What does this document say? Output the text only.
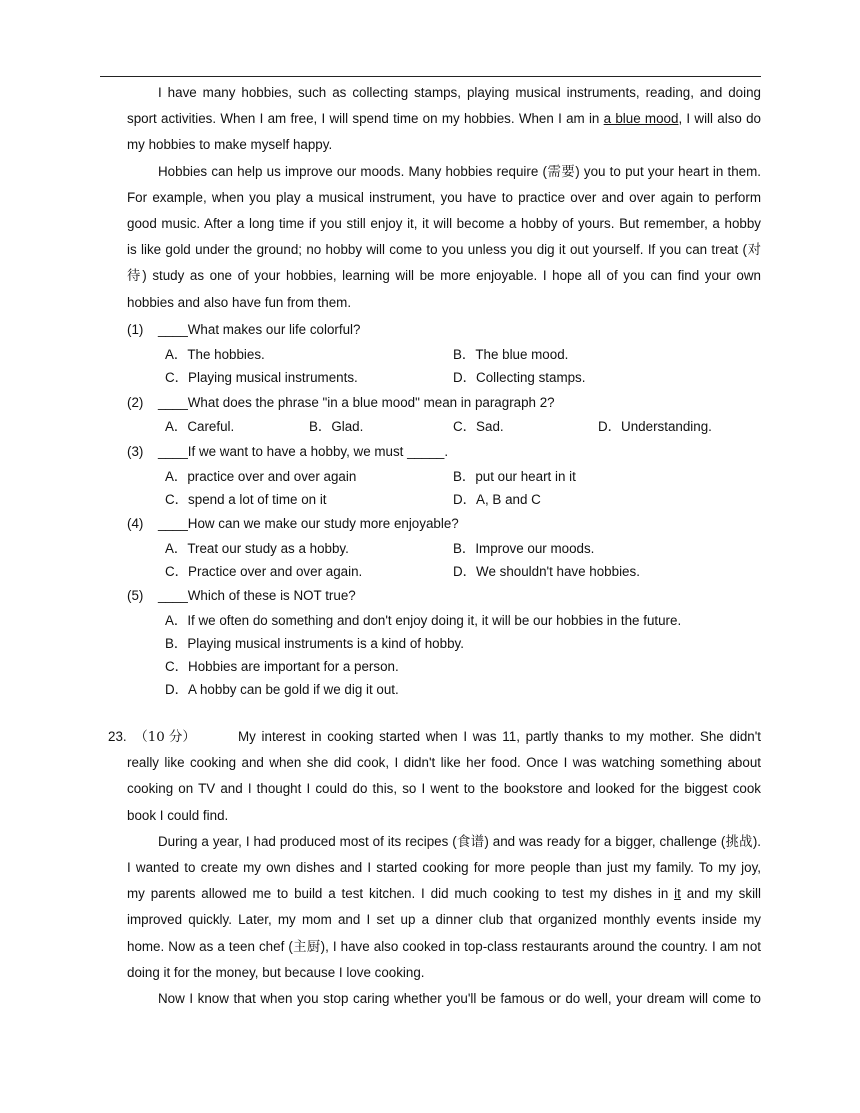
I have many hobbies, such as collecting stamps, playing musical instruments, reading, and doing
sport activities. When I am free, I will spend time on my hobbies. When I am in a blue mood, I will also do
my hobbies to make myself happy.
Hobbies can help us improve our moods. Many hobbies require (需要) you to put your heart in them.
For example, when you play a musical instrument, you have to practice over and over again to perform
good music. After a long time if you still enjoy it, it will become a hobby of yours. But remember, a hobby
is like gold under the ground; no hobby will come to you unless you dig it out yourself. If you can treat (对
待) study as one of your hobbies, learning will be more enjoyable. I hope all of you can find your own
hobbies and also have fun from them.
(1) ____What makes our life colorful?
A．The hobbies.	B．The blue mood.
C．Playing musical instruments.	D．Collecting stamps.
(2) ____What does the phrase "in a blue mood" mean in paragraph 2?
A．Careful.	B．Glad.	C．Sad.	D．Understanding.
(3) ____If we want to have a hobby, we must _____.
A．practice over and over again	B．put our heart in it
C．spend a lot of time on it	D．A, B and C
(4) ____How can we make our study more enjoyable?
A．Treat our study as a hobby.	B．Improve our moods.
C．Practice over and over again.	D．We shouldn't have hobbies.
(5) ____Which of these is NOT true?
A．If we often do something and don't enjoy doing it, it will be our hobbies in the future.
B．Playing musical instruments is a kind of hobby.
C．Hobbies are important for a person.
D．A hobby can be gold if we dig it out.
23. （10 分）	My interest in cooking started when I was 11, partly thanks to my mother. She didn't
really like cooking and when she did cook, I didn't like her food. Once I was watching something about
cooking on TV and I thought I could do this, so I went to the bookstore and looked for the biggest cook
book I could find.
During a year, I had produced most of its recipes (食谱) and was ready for a bigger, challenge (挑战).
I wanted to create my own dishes and I started cooking for more people than just my family. To my joy,
my parents allowed me to build a test kitchen. I did much cooking to test my dishes in it and my skill
improved quickly. Later, my mom and I set up a dinner club that organized monthly events inside my
home. Now as a teen chef (主厨), I have also cooked in top-class restaurants around the country. I am not
doing it for the money, but because I love cooking.
Now I know that when you stop caring whether you'll be famous or do well, your dream will come to
